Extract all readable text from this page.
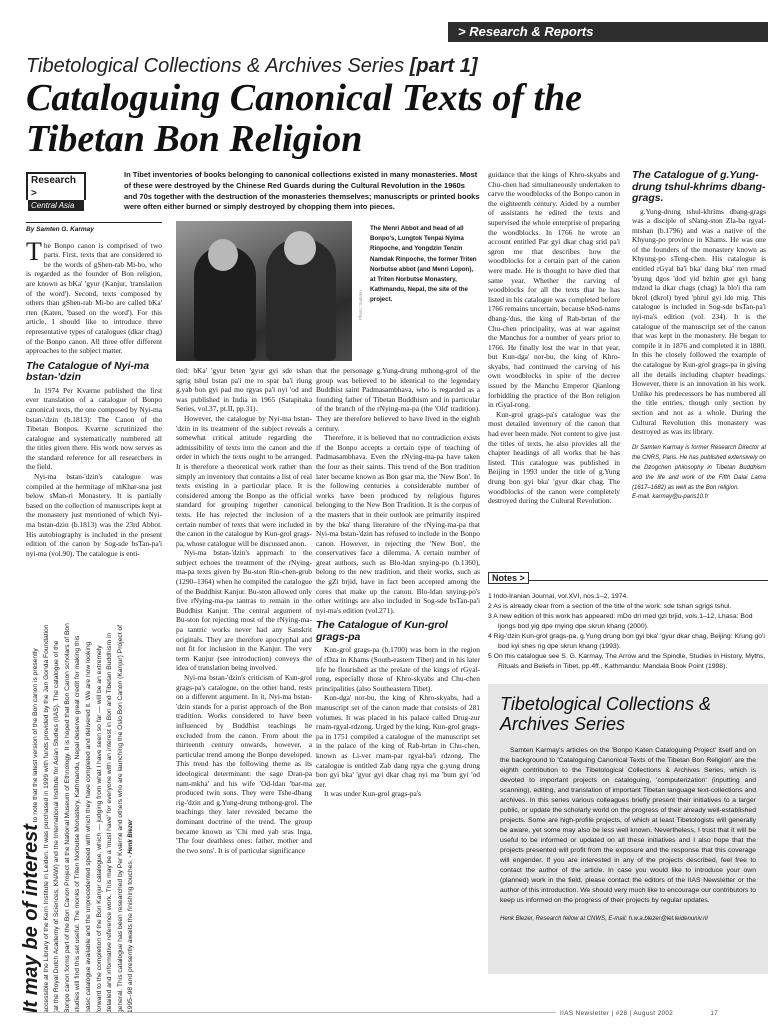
> Research & Reports
Tibetological Collections & Archives Series [part 1]
Cataloguing Canonical Texts of the Tibetan Bon Religion
Research >
Central Asia
In Tibet inventories of books belonging to canonical collections existed in many monasteries. Most of these were destroyed by the Chinese Red Guards during the Cultural Revolution in the 1960s and 70s together with the destruction of the monasteries themselves; manuscripts or printed books were often either burned or simply destroyed by chopping them into pieces.
By Samten G. Karmay

The Bonpo canon is comprised of two parts. First, texts that are considered to be the words of gShen-rab Mi-bo, who is regarded as the founder of Bon religion, are known as bKa' 'gyur (Kanjur, 'translation of the word'). Second, texts composed by others than gShen-rab Mi-bo are called bKa' rten (Katen, 'based on the word'). For this article, I should like to introduce three representative types of catalogues (dkar chag) of the Bonpo canon. All three offer different approaches to the subject matter.

The Catalogue of Nyi-ma bstan-'dzin

In 1974 Per Kværne published the first ever translation of a catalogue of Bonpo canonical texts, the one composed by Nyi-ma bstan-'dzin (b.1813): The Canon of the Tibetan Bonpos. Kværne scrutinized the catalogue and systematically numbered all the titles given there. His work now serves as the standard reference for all researchers in the field.

Nyi-ma bstan-'dzin's catalogue was compiled at the hermitage of mKhar-sna just below sMan-ri Monastery. It is partially based on the collection of manuscripts kept at the monastery just mentioned of which Nyi-ma bstan-dzin (b.1813) was the 23rd Abbot. His autobiography is included in the present edition of the canon by Sog-sde bsTan-pa'i nyi-ma (vol.90). The catalogue is enti-

Photo: Samten
The Menri Abbot and head of all Bonpo's, Lungtok Tenpai Nyima Rinpoche, and Yongdzin Tenzin Namdak Rinpoche, the former Triten Norbutse abbot (and Menri Lopon), at Triten Norbutse Monastery, Kathmandu, Nepal, the site of the project.

tled: bKa' 'gyur brten 'gyur gyi sde tshan sgrig tshul bstan pa'i me ro spar ba'i rlung g.yab bon gyi pad mo rgyas pa'i nyi 'od and was published in India in 1965 (Satapitaka Series, vol.37, pt.II, pp.31).

However, the catalogue by Nyi-ma bstan-'dzin in its treatment of the subject reveals a somewhat critical attitude regarding the admissibility of texts into the canon and the order in which the texts ought to be arranged. It is therefore a theoretical work rather than simply an inventory that contains a list of real texts existing in a particular place. It is considered among the Bonpo as the official standard for grouping together canonical texts. He has rejected the inclusion of a certain number of texts that were included in the canon in the catalogue by Kun-grol grags-pa, whose catalogue will be discussed anon.

Nyi-ma bstan-'dzin's approach to the subject echoes the treatment of the rNying-ma-pa texts given by Bu-ston Rin-chen-grub (1290–1364) when he compiled the catalogue of the Buddhist Kanjur. Bu-ston allowed only five rNying-ma-pa tantras to remain in the Buddhist Kanjur. The central argument of Bu-ston for rejecting most of the rNying-ma-pa tantric works never had any Sanskrit originals. They are therefore apocryphal and not fit for inclusion in the Kanjur. The very term Kanjur (see introduction) conveys the idea of translation being involved.

Nyi-ma bstan-'dzin's criticism of Kun-grol grags-pa's catalogue, on the other hand, rests on a different argument. In it, Nyi-ma bstan-'dzin stands for a purist approach of the Bon tradition. Works considered to have been influenced by Buddhist teachings he excluded from the canon. From about the thirteenth century onwards, however, a particular trend among the Bonpo developed. This trend has the following theme as its ideological determinant: the sage Dran-pa nam-mkha' and his wife 'Od-ldan 'bar-ma produced twin sons. They were Tshe-dbang rig-'dzin and g.Yung-drung mthong-grol. The teachings they later revealed became the dominant doctrine of the trend. The group became known as 'Chi med yab sras lnga, 'The four deathless ones: father, mother and the two sons'. It is of particular significance

that the personage g.Yung-drung mthong-grol of the group was believed to be identical to the legendary Buddhist saint Padmasambhava, who is regarded as a founding father of Tibetan Buddhism and in particular of the branch of the rNying-ma-pa (the 'Old' tradition). They are therefore believed to have lived in the eighth century.

Therefore, it is believed that no contradiction exists if the Bonpo accepts a certain type of teaching of Padmasambhava. Even the rNying-ma-pa have taken the four as their saints. This trend of the Bon tradition later became known as Bon gsar ma, the 'New Bon'. In the following centuries a considerable number of works have been produced by religious figures belonging to the New Bon Tradition. It is the corpus of the masters that in their outlook are primarily inspired by the bka' thang literature of the rNying-ma-pa that Nyi-ma bstan-'dzin has refused to include in the Bonpo canon. However, in rejecting the 'New Bon', the conservatives face a dilemma. A certain number of great authors, such as Blo-ldan snying-po (b.1360), belong to the new tradition, and their works, such as the gZi brjid, have in fact been accepted among the cores that make up the canon. Blo-ldan snying-po's other writings are also included in Sog-sde bsTan-pa'i nyi-ma's edition (vol.271).

The Catalogue of Kun-grol grags-pa

Kun-grol grags-pa (b.1700) was born in the region of rDza in Khams (South-eastern Tibet) and in his later life he flourished as the prelate of the kings of rGyal-rong, especially those of Khro-skyabs and Chu-chen principalities (also Southeastern Tibet).

Kun-dga' nor-bu, the king of Khro-skyabs, had a manuscript set of the canon made that consists of 281 volumes. It was placed in his palace called Drug-zur rnam-rgyal-rdzong. Urged by the king, Kun-grol grags-pa in 1751 compiled a catalogue of the manuscript set in the palace of the king of Rab-brtan in Chu-chen, known as Li-ver rnam-par rgyal-ba'i rdzong. The catalogue is entitled Zab dang rgya che g.yung drung bon gyi bka' 'gyur gyi dkar chag nyi ma 'bum gyi 'od zer.

It was under Kun-grol grags-pa's

guidance that the kings of Khro-skyabs and Chu-chen had simultaneously undertaken to carve the woodblocks of the Bonpo canon in the eighteenth century. Aided by a number of assistants he edited the texts and supervised the whole enterprise of preparing the woodblocks. In 1766 he wrote an account entitled Par gyi dkar chag srid pa'i sgron me that describes how the woodblocks for a certain part of the canon were made. He is thought to have died that same year. Whether the carving of woodblocks for all the texts that he has listed in his catalogue was completed before 1766 remains uncertain, because bSod-nams dbang-'dus, the king of Rab-brtan of the Chu-chen principality, was at war against the Manchus for a number of years prior to 1766. He finally lost the war in that year, but Kun-dga' nor-bu, the king of Khro-skyabs, had continued the carving of his own woodblocks in spite of the decree issued by the Manchu Emperor Qianlong forbidding the practice of the Bon religion in rGyal-rong.

Kun-grol grags-pa's catalogue was the most detailed inventory of the canon that had ever been made. Not content to give just the titles of texts, he also provides all the chapter headings of all works that he has listed. This catalogue was published in Beijing in 1993 under the title of g.Yung drung bon gyi bka' 'gyur dkar chag. The woodblocks of the canon were completely destroyed during the Cultural Revolution.

The Catalogue of g.Yung-drung tshul-khrims dbang-grags.

g.Yung-drung tshul-khrims dbang-grags was a disciple of sNang-ston Zla-ba rgyal-mtshan (b.1796) and was a native of the Khyung-po province in Khams. He was one of the founders of the monastery known as Khyung-po sTeng-chen. His catalogue is entitled rGyal ba'i bka' dang bka' rten rmad 'byung dgos 'dod yid bzhin gter gyi bang mdzod la dkar chags (chag) la blo'i tha ram bkrol (dkrol) byed 'phrul gyi lde mig. This catalogue is included in Sog-sde bsTan-pa'i nyi-ma's edition (vol. 234). It is the catalogue of the manuscript set of the canon that was kept in the monastery. He began to compile it in 1876 and completed it in 1880. In this he closely followed the example of the catalogue by Kun-grol grags-pa in giving all the details including chapter headings. However, there is an innovation in his work. Unlike his predecessors he has numbered all the title entries, though only section by section and not as a whole. During the Cultural Revolution this monastery was destroyed as was its library.

Dr Samten Karmay is former Research Director at the CNRS, Paris. He has published extensively on the Dzogchen philosophy in Tibetan Buddhism and the life and work of the Fifth Dalai Lama (1617–1682) as well as the Bon religion.

E-mail: karmay@u-paris10.fr

It may be of interest to note that the latest version of the Bon canon is presently accessible at the Library of the Kern Institute in Leiden. It was purchased in 1999 with funds provided by the Jan Gonda Foundation (at the Royal Dutch Academy of Sciences, KNAW) and the International Institute for Asian Studies (IIAS). The catalogue of the Bonpo canon forms part of the Bon Canon Project at the National Museum of Ethnology. It is hoped that Bon Canon scholars of Bon studies will find this set useful. The monks of Triten Norbutse Monastery, Kathmandu, Nepal deserve great credit for making this basic catalogue available and the unprecedented speed with which they have completed and delivered it. We are now looking forward to the completion of the Bon Kanjur catalogue, which — judging from what I have seen so far — will be an extremely detailed and informative reference work. This may be a 'must have' for everyone with an interest in Bon and Tibetan Buddhism in general. This catalogue has been researched by Per Kværne and others who are launching the Oslo Bon Canon (Kanjur) Project of 1995–98 and presently awaits the finishing touches. - Henk Blezer
Notes >
1 Indo-Iranian Journal, vol.XVI, nos.1–2, 1974.
2 As is already clear from a section of the title of the work: sde tshan sgrigs tshul.
3 A new edition of this work has appeared: mDo dri med gzi brjid, vols.1–12, Lhasa: Bod ljongs bod yig dpe rnying dpe skrun khang (2000).
4 Rig-'dzin Kun-grol grags-pa, g.Yung drung bon gyi bka' 'gyur dkar chag, Beijing: Krung go'i bod kyi shes rig dpe skrun khang (1993).
5 On this catalogue see S. G. Karmay, The Arrow and the Spindle, Studies in History, Myths, Rituals and Beliefs in Tibet, pp.4ff., Kathmandu: Mandala Book Point (1998).
Tibetological Collections & Archives Series

Samten Karmay's articles on the 'Bonpo Katen Cataloguing Project' itself and on the background to 'Cataloguing Canonical Texts of the Tibetan Bon Religion' are the eighth contribution to the Tibetological Collections & Archives Series, which is devoted to important projects on cataloguing, 'computerization' (inputting and scanning), editing, and translation of important Tibetan language text-collections and archives. In this series various colleagues briefly present their initiatives to a larger public, or update the scholarly world on the progress of their already well-established projects. Some are high-profile projects, of which at least Tibetologists will generally be aware, yet some may also be less well known. Nevertheless, I trust that it will be useful to be informed or updated on all these initiatives and I also hope that the projects presented will profit from the exposure and the response that this coverage will engender. If you are interested in any of the projects described, feel free to contact the author of the article. In case you would like to introduce your own (planned) work in the field, please contact the editors of the IIAS Newsletter or the author of this introduction. We should very much like to encourage our contributors to keep us informed on the progress of their projects by regular updates.

Henk Blezer, Research fellow at CNWS, E-mail: h.w.a.blezer@let.leidenuniv.nl

IIAS Newsletter | #28 | August 2002	17
